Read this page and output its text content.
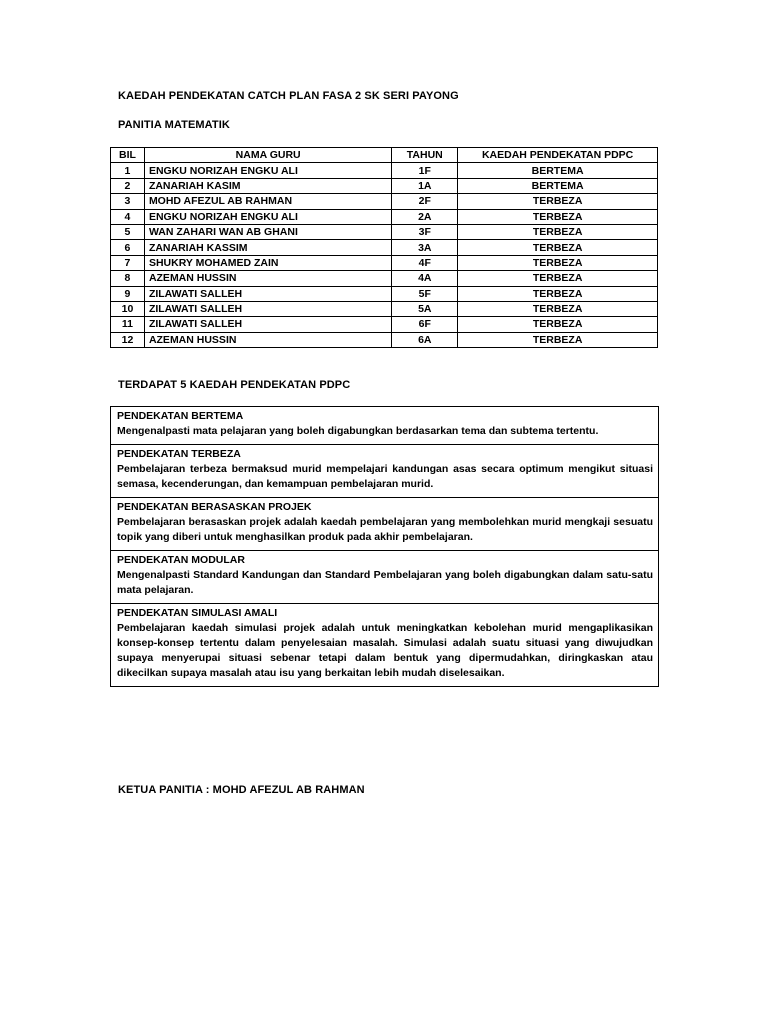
KAEDAH PENDEKATAN CATCH PLAN FASA 2 SK SERI PAYONG
PANITIA MATEMATIK
BIL	NAMA GURU	TAHUN	KAEDAH PENDEKATAN PDPC
1	ENGKU NORIZAH ENGKU ALI	1F	BERTEMA
2	ZANARIAH KASIM	1A	BERTEMA
3	MOHD AFEZUL AB RAHMAN	2F	TERBEZA
4	ENGKU NORIZAH ENGKU ALI	2A	TERBEZA
5	WAN ZAHARI WAN AB GHANI	3F	TERBEZA
6	ZANARIAH KASSIM	3A	TERBEZA
7	SHUKRY MOHAMED ZAIN	4F	TERBEZA
8	AZEMAN HUSSIN	4A	TERBEZA
9	ZILAWATI SALLEH	5F	TERBEZA
10	ZILAWATI SALLEH	5A	TERBEZA
11	ZILAWATI SALLEH	6F	TERBEZA
12	AZEMAN HUSSIN	6A	TERBEZA
TERDAPAT 5 KAEDAH PENDEKATAN PDPC
PENDEKATAN BERTEMA
Mengenalpasti mata pelajaran yang boleh digabungkan berdasarkan tema dan subtema tertentu.
PENDEKATAN TERBEZA
Pembelajaran terbeza bermaksud murid mempelajari kandungan asas secara optimum mengikut situasi semasa, kecenderungan, dan kemampuan pembelajaran murid.
PENDEKATAN BERASASKAN PROJEK
Pembelajaran berasaskan projek adalah kaedah pembelajaran yang membolehkan murid mengkaji sesuatu topik yang diberi untuk menghasilkan produk pada akhir pembelajaran.
PENDEKATAN MODULAR
Mengenalpasti Standard Kandungan dan Standard Pembelajaran yang boleh digabungkan dalam satu-satu mata pelajaran.
PENDEKATAN SIMULASI AMALI
Pembelajaran kaedah simulasi projek adalah untuk meningkatkan kebolehan murid mengaplikasikan konsep-konsep tertentu dalam penyelesaian masalah. Simulasi adalah suatu situasi yang diwujudkan supaya menyerupai situasi sebenar tetapi dalam bentuk yang dipermudahkan, diringkaskan atau dikecilkan supaya masalah atau isu yang berkaitan lebih mudah diselesaikan.
KETUA PANITIA : MOHD AFEZUL AB RAHMAN
